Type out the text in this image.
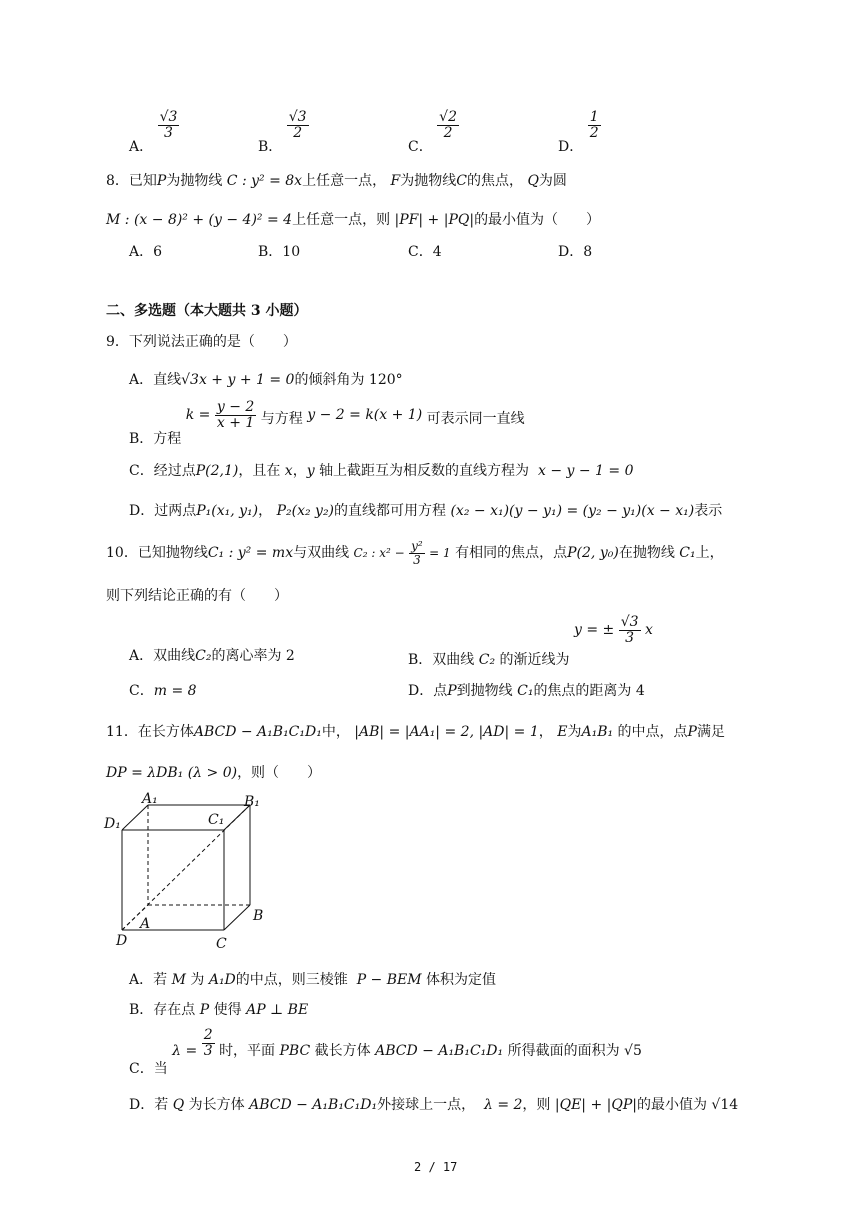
A．
$\frac{√3}{3}$
B．
$\frac{√3}{2}$
C．
$\frac{√2}{2}$
D．
$\frac{1}{2}$
8．已知P为抛物线 C : y² = 8x上任意一点， F为抛物线C的焦点， Q为圆
M : (x − 8)² + (y − 4)² = 4上任意一点，则 |PF| + |PQ|的最小值为（　　）
A．6	B．10	C．4	D．8
二、多选题（本大题共 3 小题）
9．下列说法正确的是（　　）
A．直线√3x + y + 1 = 0的倾斜角为 120°
B．方程 $k = \frac{y - 2}{x + 1}$ 与方程 y − 2 = k(x + 1) 可表示同一直线
C．经过点P(2,1)，且在 x，y 轴上截距互为相反数的直线方程为 x − y − 1 = 0
D．过两点P₁(x₁, y₁)， P₂(x₂ y₂)的直线都可用方程 (x₂ − x₁)(y − y₁) = (y₂ − y₁)(x − x₁)表示
10．已知抛物线C₁ : y² = mx与双曲线 C₂ : $x^2 - \frac{\text{y²}}{3} = 1$ 有相同的焦点，点P(2, y₀)在抛物线 C₁上，
则下列结论正确的有（　　）
A．双曲线C₂的离心率为 2	B．双曲线 C₂ 的渐近线为 y = ± $\frac{√3}{3}$ x
C．m = 8	D．点P到抛物线 C₁的焦点的距离为 4
11．在长方体ABCD − A₁B₁C₁D₁中， |AB| = |AA₁| = 2, |AD| = 1， E为A₁B₁ 的中点，点P满足
DP = λDB₁ (λ > 0)，则（　　）
A₁	B₁
C₁
D₁
A	B
C
D
A．若 M 为 A₁D的中点，则三棱锥 P − BEM 体积为定值
B．存在点 P 使得 AP ⊥ BE
C．当 $\lambda = \frac{2}{3}$ 时，平面 PBC 截长方体 ABCD − A₁B₁C₁D₁ 所得截面的面积为 √5
D．若 Q 为长方体 ABCD − A₁B₁C₁D₁外接球上一点， λ = 2，则 |QE| + |QP|的最小值为 √14
2 / 17
